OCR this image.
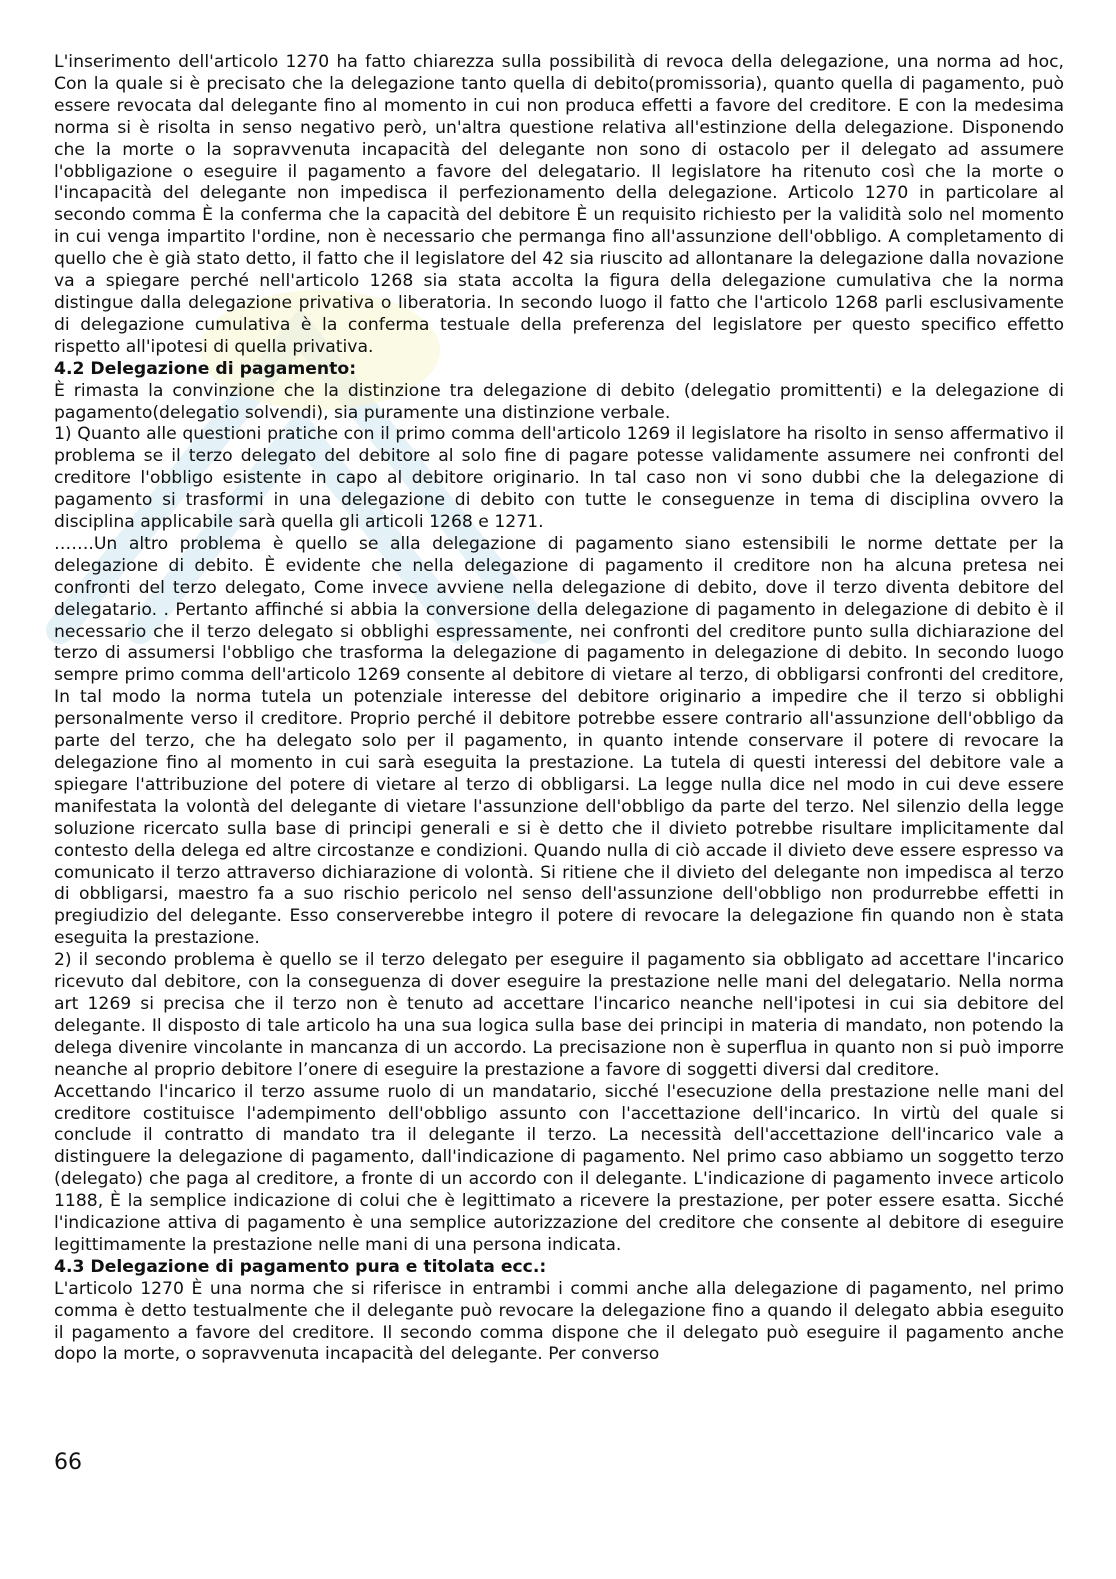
L'inserimento dell'articolo 1270 ha fatto chiarezza sulla possibilità di revoca della delegazione, una norma ad hoc, Con la quale si è precisato che la delegazione tanto quella di debito(promissoria), quanto quella di pagamento, può essere revocata dal delegante fino al momento in cui non produca effetti a favore del creditore. E con la medesima norma si è risolta in senso negativo però, un'altra questione relativa all'estinzione della delegazione. Disponendo che la morte o la sopravvenuta incapacità del delegante non sono di ostacolo per il delegato ad assumere l'obbligazione o eseguire il pagamento a favore del delegatario. Il legislatore ha ritenuto così che la morte o l'incapacità del delegante non impedisca il perfezionamento della delegazione. Articolo 1270 in particolare al secondo comma È la conferma che la capacità del debitore È un requisito richiesto per la validità solo nel momento in cui venga impartito l'ordine, non è necessario che permanga fino all'assunzione dell'obbligo. A completamento di quello che è già stato detto, il fatto che il legislatore del 42 sia riuscito ad allontanare la delegazione dalla novazione va a spiegare perché nell'articolo 1268 sia stata accolta la figura della delegazione cumulativa che la norma distingue dalla delegazione privativa o liberatoria. In secondo luogo il fatto che l'articolo 1268 parli esclusivamente di delegazione cumulativa è la conferma testuale della preferenza del legislatore per questo specifico effetto rispetto all'ipotesi di quella privativa.

4.2 Delegazione di pagamento:

È rimasta la convinzione che la distinzione tra delegazione di debito (delegatio promittenti) e la delegazione di pagamento(delegatio solvendi), sia puramente una distinzione verbale.

1) Quanto alle questioni pratiche con il primo comma dell'articolo 1269 il legislatore ha risolto in senso affermativo il problema se il terzo delegato del debitore al solo fine di pagare potesse validamente assumere nei confronti del creditore l'obbligo esistente in capo al debitore originario. In tal caso non vi sono dubbi che la delegazione di pagamento si trasformi in una delegazione di debito con tutte le conseguenze in tema di disciplina ovvero la disciplina applicabile sarà quella gli articoli 1268 e 1271.

…….Un altro problema è quello se alla delegazione di pagamento siano estensibili le norme dettate per la delegazione di debito. È evidente che nella delegazione di pagamento il creditore non ha alcuna pretesa nei confronti del terzo delegato, Come invece avviene nella delegazione di debito, dove il terzo diventa debitore del delegatario. . Pertanto affinché si abbia la conversione della delegazione di pagamento in delegazione di debito è il necessario che il terzo delegato si obblighi espressamente, nei confronti del creditore punto sulla dichiarazione del terzo di assumersi l'obbligo che trasforma la delegazione di pagamento in delegazione di debito. In secondo luogo sempre primo comma dell'articolo 1269 consente al debitore di vietare al terzo, di obbligarsi confronti del creditore, In tal modo la norma tutela un potenziale interesse del debitore originario a impedire che il terzo si obblighi personalmente verso il creditore. Proprio perché il debitore potrebbe essere contrario all'assunzione dell'obbligo da parte del terzo, che ha delegato solo per il pagamento, in quanto intende conservare il potere di revocare la delegazione fino al momento in cui sarà eseguita la prestazione. La tutela di questi interessi del debitore vale a spiegare l'attribuzione del potere di vietare al terzo di obbligarsi. La legge nulla dice nel modo in cui deve essere manifestata la volontà del delegante di vietare l'assunzione dell'obbligo da parte del terzo. Nel silenzio della legge soluzione ricercato sulla base di principi generali e si è detto che il divieto potrebbe risultare implicitamente dal contesto della delega ed altre circostanze e condizioni. Quando nulla di ciò accade il divieto deve essere espresso va comunicato il terzo attraverso dichiarazione di volontà. Si ritiene che il divieto del delegante non impedisca al terzo di obbligarsi, maestro fa a suo rischio pericolo nel senso dell'assunzione dell'obbligo non produrrebbe effetti in pregiudizio del delegante. Esso conserverebbe integro il potere di revocare la delegazione fin quando non è stata eseguita la prestazione.

2) il secondo problema è quello se il terzo delegato per eseguire il pagamento sia obbligato ad accettare l'incarico ricevuto dal debitore, con la conseguenza di dover eseguire la prestazione nelle mani del delegatario. Nella norma art 1269 si precisa che il terzo non è tenuto ad accettare l'incarico neanche nell'ipotesi in cui sia debitore del delegante. Il disposto di tale articolo ha una sua logica sulla base dei principi in materia di mandato, non potendo la delega divenire vincolante in mancanza di un accordo. La precisazione non è superflua in quanto non si può imporre neanche al proprio debitore l’onere di eseguire la prestazione a favore di soggetti diversi dal creditore.

Accettando l'incarico il terzo assume ruolo di un mandatario, sicché l'esecuzione della prestazione nelle mani del creditore costituisce l'adempimento dell'obbligo assunto con l'accettazione dell'incarico. In virtù del quale si conclude il contratto di mandato tra il delegante il terzo. La necessità dell'accettazione dell'incarico vale a distinguere la delegazione di pagamento, dall'indicazione di pagamento. Nel primo caso abbiamo un soggetto terzo (delegato) che paga al creditore, a fronte di un accordo con il delegante. L'indicazione di pagamento invece articolo 1188, È la semplice indicazione di colui che è legittimato a ricevere la prestazione, per poter essere esatta. Sicché l'indicazione attiva di pagamento è una semplice autorizzazione del creditore che consente al debitore di eseguire legittimamente la prestazione nelle mani di una persona indicata.

4.3 Delegazione di pagamento pura e titolata ecc.:

L'articolo 1270 È una norma che si riferisce in entrambi i commi anche alla delegazione di pagamento, nel primo comma è detto testualmente che il delegante può revocare la delegazione fino a quando il delegato abbia eseguito il pagamento a favore del creditore. Il secondo comma dispone che il delegato può eseguire il pagamento anche dopo la morte, o sopravvenuta incapacità del delegante. Per converso

66
